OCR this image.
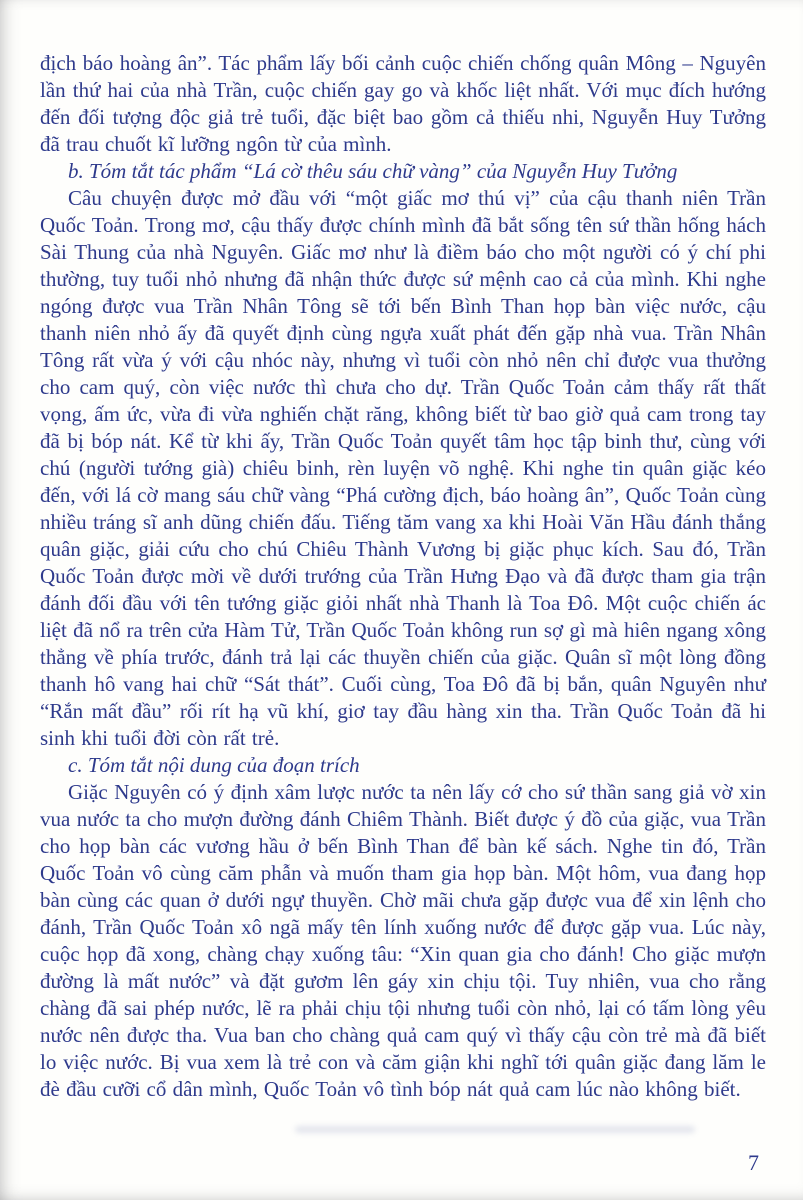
địch báo hoàng ân”. Tác phẩm lấy bối cảnh cuộc chiến chống quân Mông – Nguyên lần thứ hai của nhà Trần, cuộc chiến gay go và khốc liệt nhất. Với mục đích hướng đến đối tượng độc giả trẻ tuổi, đặc biệt bao gồm cả thiếu nhi, Nguyễn Huy Tưởng đã trau chuốt kĩ lưỡng ngôn từ của mình.

b. Tóm tắt tác phẩm “Lá cờ thêu sáu chữ vàng” của Nguyễn Huy Tưởng

Câu chuyện được mở đầu với “một giấc mơ thú vị” của cậu thanh niên Trần Quốc Toản. Trong mơ, cậu thấy được chính mình đã bắt sống tên sứ thần hống hách Sài Thung của nhà Nguyên. Giấc mơ như là điềm báo cho một người có ý chí phi thường, tuy tuổi nhỏ nhưng đã nhận thức được sứ mệnh cao cả của mình. Khi nghe ngóng được vua Trần Nhân Tông sẽ tới bến Bình Than họp bàn việc nước, cậu thanh niên nhỏ ấy đã quyết định cùng ngựa xuất phát đến gặp nhà vua. Trần Nhân Tông rất vừa ý với cậu nhóc này, nhưng vì tuổi còn nhỏ nên chỉ được vua thưởng cho cam quý, còn việc nước thì chưa cho dự. Trần Quốc Toản cảm thấy rất thất vọng, ấm ức, vừa đi vừa nghiến chặt răng, không biết từ bao giờ quả cam trong tay đã bị bóp nát. Kể từ khi ấy, Trần Quốc Toản quyết tâm học tập binh thư, cùng với chú (người tướng già) chiêu binh, rèn luyện võ nghệ. Khi nghe tin quân giặc kéo đến, với lá cờ mang sáu chữ vàng “Phá cường địch, báo hoàng ân”, Quốc Toản cùng nhiều tráng sĩ anh dũng chiến đấu. Tiếng tăm vang xa khi Hoài Văn Hầu đánh thắng quân giặc, giải cứu cho chú Chiêu Thành Vương bị giặc phục kích. Sau đó, Trần Quốc Toản được mời về dưới trướng của Trần Hưng Đạo và đã được tham gia trận đánh đối đầu với tên tướng giặc giỏi nhất nhà Thanh là Toa Đô. Một cuộc chiến ác liệt đã nổ ra trên cửa Hàm Tử, Trần Quốc Toản không run sợ gì mà hiên ngang xông thẳng về phía trước, đánh trả lại các thuyền chiến của giặc. Quân sĩ một lòng đồng thanh hô vang hai chữ “Sát thát”. Cuối cùng, Toa Đô đã bị bắn, quân Nguyên như “Rắn mất đầu” rối rít hạ vũ khí, giơ tay đầu hàng xin tha. Trần Quốc Toản đã hi sinh khi tuổi đời còn rất trẻ.

c. Tóm tắt nội dung của đoạn trích

Giặc Nguyên có ý định xâm lược nước ta nên lấy cớ cho sứ thần sang giả vờ xin vua nước ta cho mượn đường đánh Chiêm Thành. Biết được ý đồ của giặc, vua Trần cho họp bàn các vương hầu ở bến Bình Than để bàn kế sách. Nghe tin đó, Trần Quốc Toản vô cùng căm phẫn và muốn tham gia họp bàn. Một hôm, vua đang họp bàn cùng các quan ở dưới ngự thuyền. Chờ mãi chưa gặp được vua để xin lệnh cho đánh, Trần Quốc Toản xô ngã mấy tên lính xuống nước để được gặp vua. Lúc này, cuộc họp đã xong, chàng chạy xuống tâu: “Xin quan gia cho đánh! Cho giặc mượn đường là mất nước” và đặt gươm lên gáy xin chịu tội. Tuy nhiên, vua cho rằng chàng đã sai phép nước, lẽ ra phải chịu tội nhưng tuổi còn nhỏ, lại có tấm lòng yêu nước nên được tha. Vua ban cho chàng quả cam quý vì thấy cậu còn trẻ mà đã biết lo việc nước. Bị vua xem là trẻ con và căm giận khi nghĩ tới quân giặc đang lăm le đè đầu cưỡi cổ dân mình, Quốc Toản vô tình bóp nát quả cam lúc nào không biết.

7
